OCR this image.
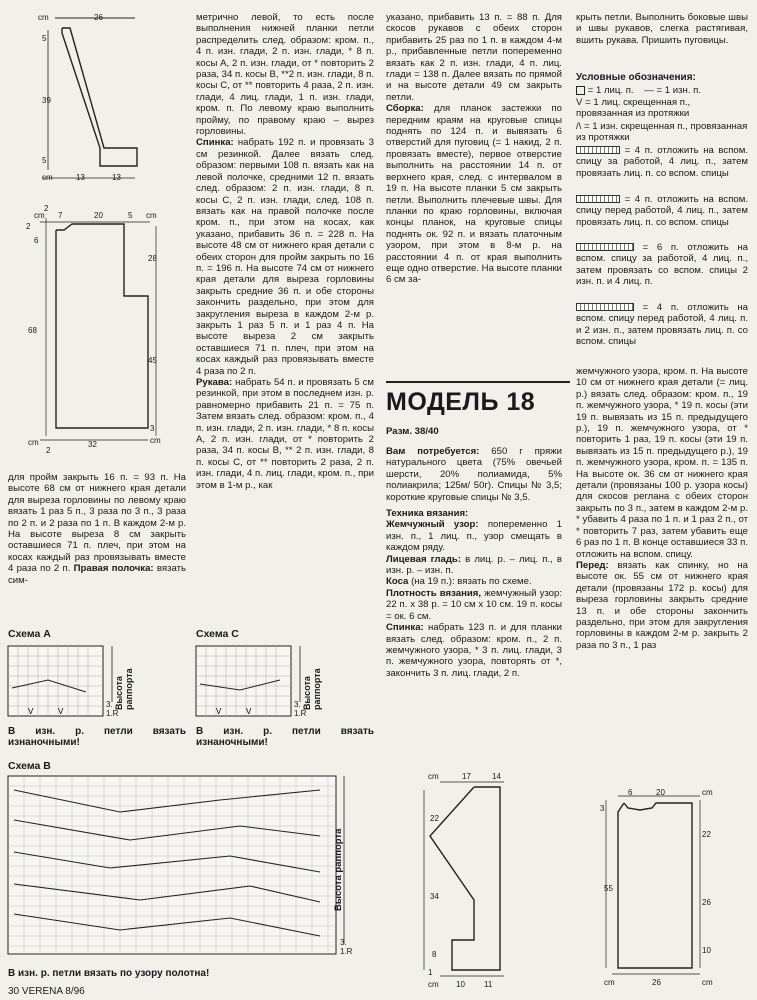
cm	26
5
39
5
cm	13	13
2
cm 7	20	5 cm
2
6
28
68
45
3
cm
cm
2
32
для пройм закрыть 16 п. = 93 п. На высоте 68 см от нижнего края детали для выреза горловины по левому краю вязать 1 раз 5 п., 3 раза по 3 п., 3 раза по 2 п. и 2 раза по 1 п. В каждом 2-м р. На высоте выреза 8 см закрыть оставшиеся 71 п. плеч, при этом на косах каждый раз провязывать вместе 4 раза по 2 п. Правая полочка: вязать сим-
метрично левой, то есть после выполнения нижней планки петли распределить след. образом: кром. п., 4 п. изн. глади, 2 п. изн. глади, * 8 п. косы А, 2 п. изн. глади, от * повторить 2 раза, 34 п. косы В, **2 п. изн. глади, 8 п. косы С, от ** повторить 4 раза, 2 п. изн. глади, 4 лиц. глади, 1 п. изн. глади, кром. п. По левому краю выполнить пройму, по правому краю – вырез горловины.
Спинка: набрать 192 п. и провязать 3 см резинкой. Далее вязать след. образом: первыми 108 п. вязать как на левой полочке, средними 12 п. вязать след. образом: 2 п. изн. глади, 8 п. косы С, 2 п. изн. глади, след. 108 п. вязать как на правой полочке после кром. п., при этом на косах, как указано, прибавить 36 п. = 228 п. На высоте 48 см от нижнего края детали с обеих сторон для пройм закрыть по 16 п. = 196 п. На высоте 74 см от нижнего края детали для выреза горловины закрыть средние 36 п. и обе стороны закончить раздельно, при этом для закругления выреза в каждом 2-м р. закрыть 1 раз 5 п. и 1 раз 4 п. На высоте выреза 2 см закрыть оставшиеся 71 п. плеч, при этом на косах каждый раз провязывать вместе 4 раза по 2 п.
Рукава: набрать 54 п. и провязать 5 см резинкой, при этом в последнем изн. р. равномерно прибавить 21 п. = 75 п. Затем вязать след. образом: кром. п., 4 п. изн. глади, 2 п. изн. глади, * 8 п. косы А, 2 п. изн. глади, от * повторить 2 раза, 34 п. косы В, ** 2 п. изн. глади, 8 п. косы С, от ** повторить 2 раза, 2 п. изн. глади, 4 п. лиц. глади, кром. п., при этом в 1-м р., как
указано, прибавить 13 п. = 88 п. Для скосов рукавов с обеих сторон прибавить 25 раз по 1 п. в каждом 4-м р., прибавленные петли попеременно вязать как 2 п. изн. глади, 4 п. лиц. глади = 138 п. Далее вязать по прямой и на высоте детали 49 см закрыть петли.
Сборка: для планок застежки по передним краям на круговые спицы поднять по 124 п. и вывязать 6 отверстий для пуговиц (= 1 накид, 2 п. провязать вместе), первое отверстие выполнить на расстоянии 14 п. от верхнего края, след. с интервалом в 19 п. На высоте планки 5 см закрыть петли. Выполнить плечевые швы. Для планки по краю горловины, включая концы планок, на круговые спицы поднять ок. 92 п. и вязать платочным узором, при этом в 8-м р. на расстоянии 4 п. от края выполнить еще одно отверстие. На высоте планки 6 см за-
крыть петли. Выполнить боковые швы и швы рукавов, слегка растягивая, вшить рукава. Пришить пуговицы.
Условные обозначения:
= 1 лиц. п. — = 1 изн. п.
V = 1 лиц. скрещенная п., провязанная из протяжки
/\ = 1 изн. скрещенная п., провязанная из протяжки
= 4 п. отложить на вспом. спицу за работой, 4 лиц. п., затем провязать лиц. п. со вспом. спицы
= 4 п. отложить на вспом. спицу перед работой, 4 лиц. п., затем провязать лиц. п. со вспом. спицы
= 6 п. отложить на вспом. спицу за работой, 4 лиц. п., затем провязать со вспом. спицы 2 изн. п. и 4 лиц. п.
= 4 п. отложить на вспом. спицу перед работой, 4 лиц. п. и 2 изн. п., затем провязать лиц. п. со вспом. спицы
МОДЕЛЬ 18
Разм. 38/40
Вам потребуется: 650 г пряжи натурального цвета (75% овечьей шерсти, 20% полиамида, 5% полиакрила; 125м/ 50г). Спицы № 3,5; короткие круговые спицы № 3,5.

Техника вязания:
Жемчужный узор: попеременно 1 изн. п., 1 лиц. п., узор смещать в каждом ряду.
Лицевая гладь: в лиц. р. – лиц. п., в изн. р. – изн. п.
Коса (на 19 п.): вязать по схеме.
Плотность вязания, жемчужный узор: 22 п. x 38 р. = 10 см x 10 см. 19 п. косы = ок. 6 см.
Спинка: набрать 123 п. и для планки вязать след. образом: кром. п., 2 п. жемчужного узора, * 3 п. лиц. глади, 3 п. жемчужного узора, повторять от *, закончить 3 п. лиц. глади, 2 п.
жемчужного узора, кром. п. На высоте 10 см от нижнего края детали (= лиц. р.) вязать след. образом: кром. п., 19 п. жемчужного узора, * 19 п. косы (эти 19 п. вывязать из 15 п. предыдущего р.), 19 п. жемчужного узора, от * повторить 1 раз, 19 п. косы (эти 19 п. вывязать из 15 п. предыдущего р.), 19 п. жемчужного узора, кром. п. = 135 п. На высоте ок. 36 см от нижнего края детали (провязаны 100 р. узора косы) для скосов реглана с обеих сторон закрыть по 3 п., затем в каждом 2-м р. * убавить 4 раза по 1 п. и 1 раз 2 п., от * повторить 7 раз, затем убавить еще 6 раз по 1 п. В конце оставшиеся 33 п. отложить на вспом. спицу.
Перед: вязать как спинку, но на высоте ок. 55 см от нижнего края детали (провязаны 172 р. косы) для выреза горловины закрыть средние 13 п. и обе стороны закончить раздельно, при этом для закругления горловины в каждом 2-м р. закрыть 2 раза по 3 п., 1 раз
Схема А	Схема С
V	V	V	V
Высота раппорта	Высота раппорта
3.
1.R
3.
1.R
В изн. р. петли вязать изнаночными!
В изн. р. петли вязать изнаночными!
Схема В
Высота раппорта
3.
1.R
В изн. р. петли вязать по узору полотна!
cm	17	14
22
34
8
1
cm 10 11
3
6	20	cm
22
55
26
10
cm	26	cm
30 VERENA 8/96
